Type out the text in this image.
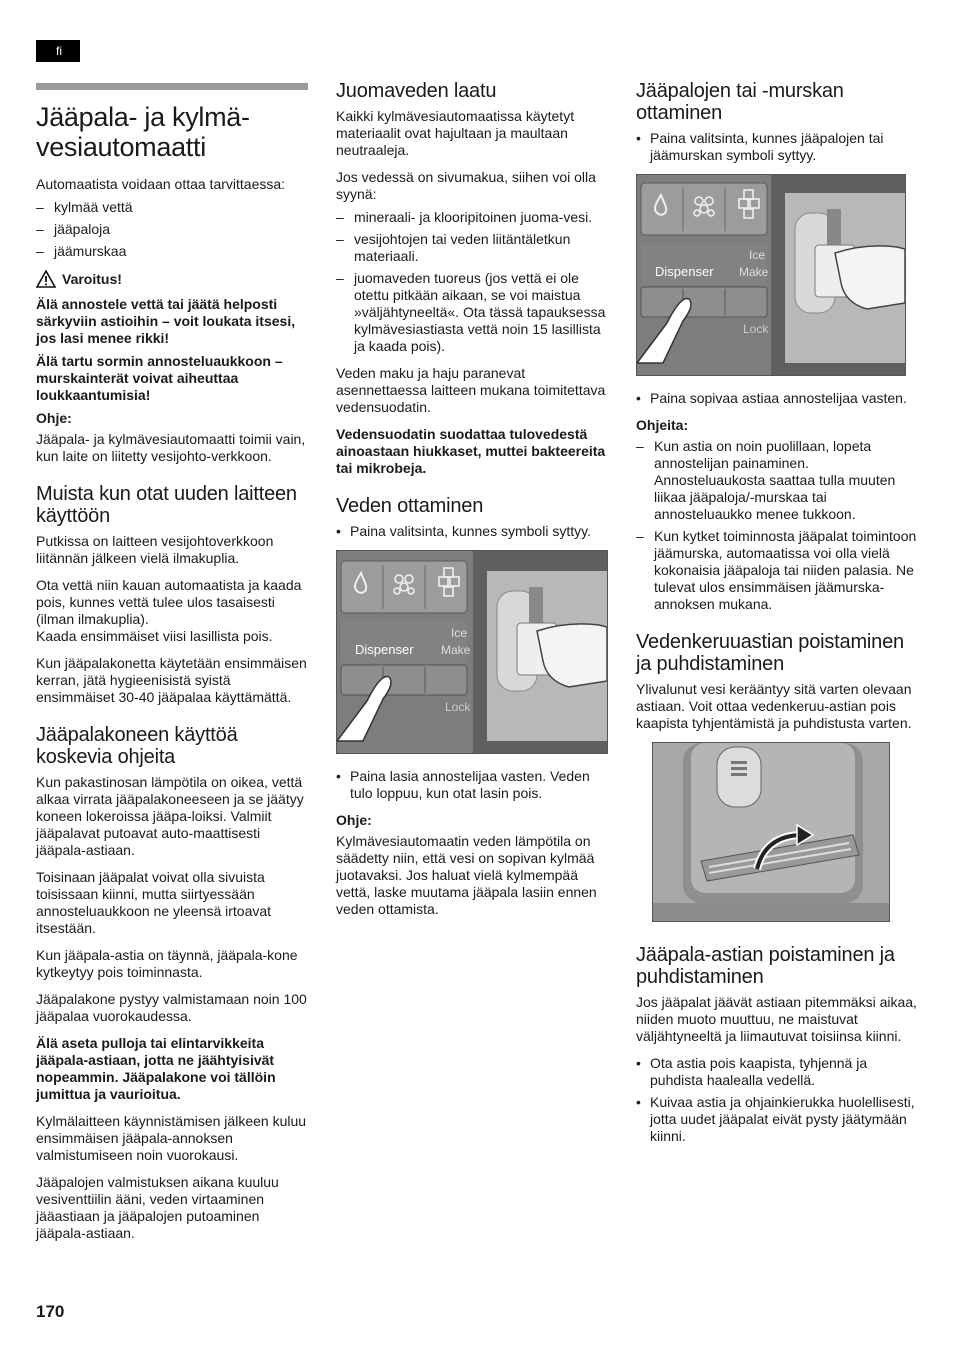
fi
Jääpala- ja kylmä-vesiautomaatti

Automaatista voidaan ottaa tarvittaessa:

– kylmää vettä
– jääpaloja
– jäämurskaa
Varoitus!

Älä annostele vettä tai jäätä helposti särkyviin astioihin – voit loukata itsesi, jos lasi menee rikki!

Älä tartu sormin annosteluaukkoon – murskainterät voivat aiheuttaa loukkaantumisia!

Ohje:

Jääpala- ja kylmävesiautomaatti toimii vain, kun laite on liitetty vesijohto-verkkoon.

Muista kun otat uuden laitteen käyttöön

Putkissa on laitteen vesijohtoverkkoon liitännän jälkeen vielä ilmakuplia.

Ota vettä niin kauan automaatista ja kaada pois, kunnes vettä tulee ulos tasaisesti (ilman ilmakuplia).
Kaada ensimmäiset viisi lasillista pois.

Kun jääpalakonetta käytetään ensimmäisen kerran, jätä hygieenisistä syistä ensimmäiset 30-40 jääpalaa käyttämättä.

Jääpalakoneen käyttöä koskevia ohjeita

Kun pakastinosan lämpötila on oikea, vettä alkaa virrata jääpalakoneeseen ja se jäätyy koneen lokeroissa jääpa-loiksi. Valmiit jääpalavat putoavat auto-maattisesti jääpala-astiaan.

Toisinaan jääpalat voivat olla sivuista toisissaan kiinni, mutta siirtyessään annosteluaukkoon ne yleensä irtoavat itsestään.

Kun jääpala-astia on täynnä, jääpala-kone kytkeytyy pois toiminnasta.

Jääpalakone pystyy valmistamaan noin 100 jääpalaa vuorokaudessa.

Älä aseta pulloja tai elintarvikkeita jääpala-astiaan, jotta ne jäähtyisivät nopeammin. Jääpalakone voi tällöin jumittua ja vaurioitua.

Kylmälaitteen käynnistämisen jälkeen kuluu ensimmäisen jääpala-annoksen valmistumiseen noin vuorokausi.

Jääpalojen valmistuksen aikana kuuluu vesiventtiilin ääni, veden virtaaminen jääastiaan ja jääpalojen putoaminen jääpala-astiaan.

Juomaveden laatu

Kaikki kylmävesiautomaatissa käytetyt materiaalit ovat hajultaan ja maultaan neutraaleja.

Jos vedessä on sivumakua, siihen voi olla syynä:

– mineraali- ja klooripitoinen juoma-vesi.
– vesijohtojen tai veden liitäntäletkun materiaali.
– juomaveden tuoreus (jos vettä ei ole otettu pitkään aikaan, se voi maistua »väljähtyneeltä«. Ota tässä tapauksessa kylmävesiastiasta vettä noin 15 lasillista ja kaada pois).

Veden maku ja haju paranevat asennettaessa laitteen mukana toimitettava vedensuodatin.

Vedensuodatin suodattaa tulovedestä ainoastaan hiukkaset, muttei bakteereita tai mikrobeja.

Veden ottaminen
• Paina valitsinta, kunnes symboli syttyy.
Dispenser
Ice
Make
Lock
• Paina lasia annostelijaa vasten. Veden tulo loppuu, kun otat lasin pois.

Ohje:

Kylmävesiautomaatin veden lämpötila on säädetty niin, että vesi on sopivan kylmää juotavaksi. Jos haluat vielä kylmempää vettä, laske muutama jääpala lasiin ennen veden ottamista.

Jääpalojen tai -murskan ottaminen
• Paina valitsinta, kunnes jääpalojen tai jäämurskan symboli syttyy.
Dispenser
Ice
Make
Lock
• Paina sopivaa astiaa annostelijaa vasten.

Ohjeita:

– Kun astia on noin puolillaan, lopeta annostelijan painaminen. Annosteluaukosta saattaa tulla muuten liikaa jääpaloja/-murskaa tai annosteluaukko menee tukkoon.
– Kun kytket toiminnosta jääpalat toimintoon jäämurska, automaatissa voi olla vielä kokonaisia jääpaloja tai niiden palasia. Ne tulevat ulos ensimmäisen jäämurska-annoksen mukana.
Vedenkeruuastian poistaminen ja puhdistaminen

Ylivalunut vesi kerääntyy sitä varten olevaan astiaan. Voit ottaa vedenkeruu-astian pois kaapista tyhjentämistä ja puhdistusta varten.

Jääpala-astian poistaminen ja puhdistaminen

Jos jääpalat jäävät astiaan pitemmäksi aikaa, niiden muoto muuttuu, ne maistuvat väljähtyneeltä ja liimautuvat toisiinsa kiinni.

• Ota astia pois kaapista, tyhjennä ja puhdista haalealla vedellä.
• Kuivaa astia ja ohjainkierukka huolellisesti, jotta uudet jääpalat eivät pysty jäätymään kiinni.
170
